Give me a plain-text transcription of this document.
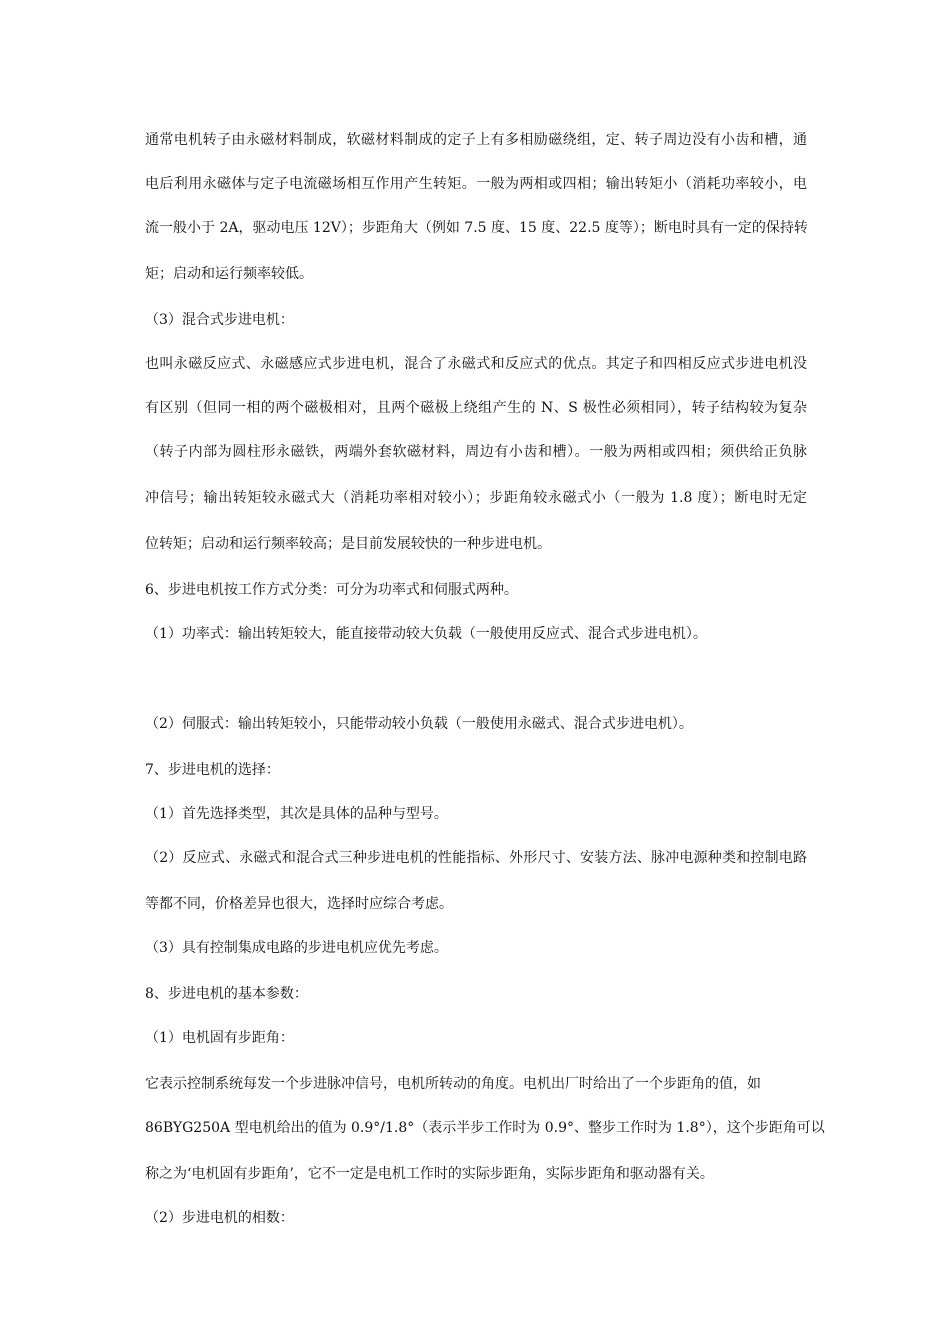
通常电机转子由永磁材料制成，软磁材料制成的定子上有多相励磁绕组，定、转子周边没有小齿和槽，通
电后利用永磁体与定子电流磁场相互作用产生转矩。一般为两相或四相；输出转矩小（消耗功率较小，电
流一般小于 2A，驱动电压 12V）；步距角大（例如 7.5 度、15 度、22.5 度等）；断电时具有一定的保持转
矩；启动和运行频率较低。
（3）混合式步进电机：
也叫永磁反应式、永磁感应式步进电机，混合了永磁式和反应式的优点。其定子和四相反应式步进电机没
有区别（但同一相的两个磁极相对，且两个磁极上绕组产生的 N、S 极性必须相同），转子结构较为复杂
（转子内部为圆柱形永磁铁，两端外套软磁材料，周边有小齿和槽）。一般为两相或四相；须供给正负脉
冲信号；输出转矩较永磁式大（消耗功率相对较小）；步距角较永磁式小（一般为 1.8 度）；断电时无定
位转矩；启动和运行频率较高；是目前发展较快的一种步进电机。
6、步进电机按工作方式分类：可分为功率式和伺服式两种。
（1）功率式：输出转矩较大，能直接带动较大负载（一般使用反应式、混合式步进电机）。
（2）伺服式：输出转矩较小，只能带动较小负载（一般使用永磁式、混合式步进电机）。
7、步进电机的选择：
（1）首先选择类型，其次是具体的品种与型号。
（2）反应式、永磁式和混合式三种步进电机的性能指标、外形尺寸、安装方法、脉冲电源种类和控制电路
等都不同，价格差异也很大，选择时应综合考虑。
（3）具有控制集成电路的步进电机应优先考虑。
8、步进电机的基本参数：
（1）电机固有步距角：
它表示控制系统每发一个步进脉冲信号，电机所转动的角度。电机出厂时给出了一个步距角的值，如
86BYG250A 型电机给出的值为 0.9°/1.8°（表示半步工作时为 0.9°、整步工作时为 1.8°），这个步距角可以
称之为‘电机固有步距角’，它不一定是电机工作时的实际步距角，实际步距角和驱动器有关。
（2）步进电机的相数：
